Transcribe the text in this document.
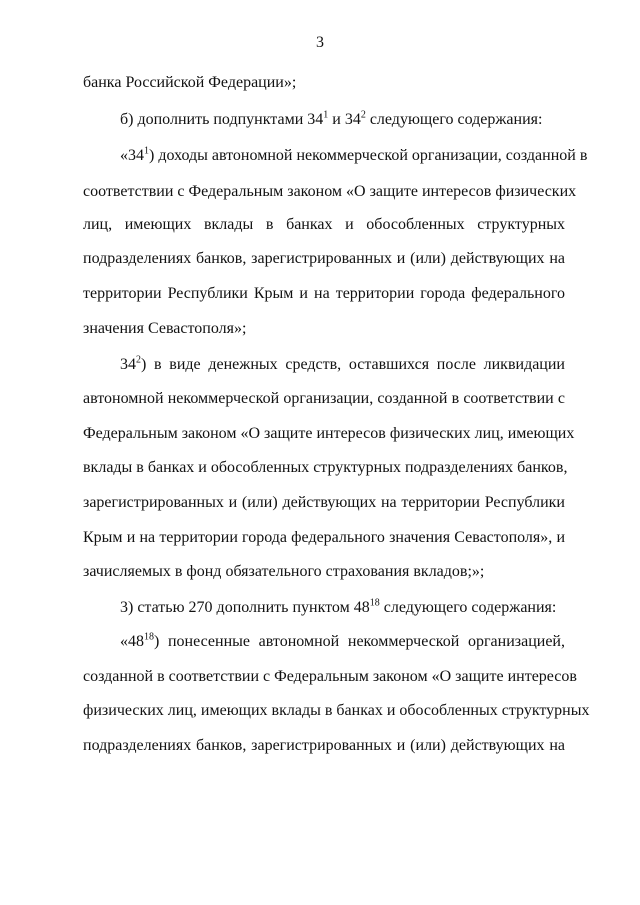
3
банка Российской Федерации»;
б) дополнить подпунктами $34^1$ и $34^2$ следующего содержания:
«$34^1$) доходы автономной некоммерческой организации, созданной в
соответствии с Федеральным законом «О защите интересов физических
лиц, имеющих вклады в банках и обособленных структурных
подразделениях банков, зарегистрированных и (или) действующих на
территории Республики Крым и на территории города федерального
значения Севастополя»;
$34^2$) в виде денежных средств, оставшихся после ликвидации
автономной некоммерческой организации, созданной в соответствии с
Федеральным законом «О защите интересов физических лиц, имеющих
вклады в банках и обособленных структурных подразделениях банков,
зарегистрированных и (или) действующих на территории Республики
Крым и на территории города федерального значения Севастополя», и
зачисляемых в фонд обязательного страхования вкладов;»;
3) статью 270 дополнить пунктом $48^{18}$ следующего содержания:
«$48^{18}$) понесенные автономной некоммерческой организацией,
созданной в соответствии с Федеральным законом «О защите интересов
физических лиц, имеющих вклады в банках и обособленных структурных
подразделениях банков, зарегистрированных и (или) действующих на
